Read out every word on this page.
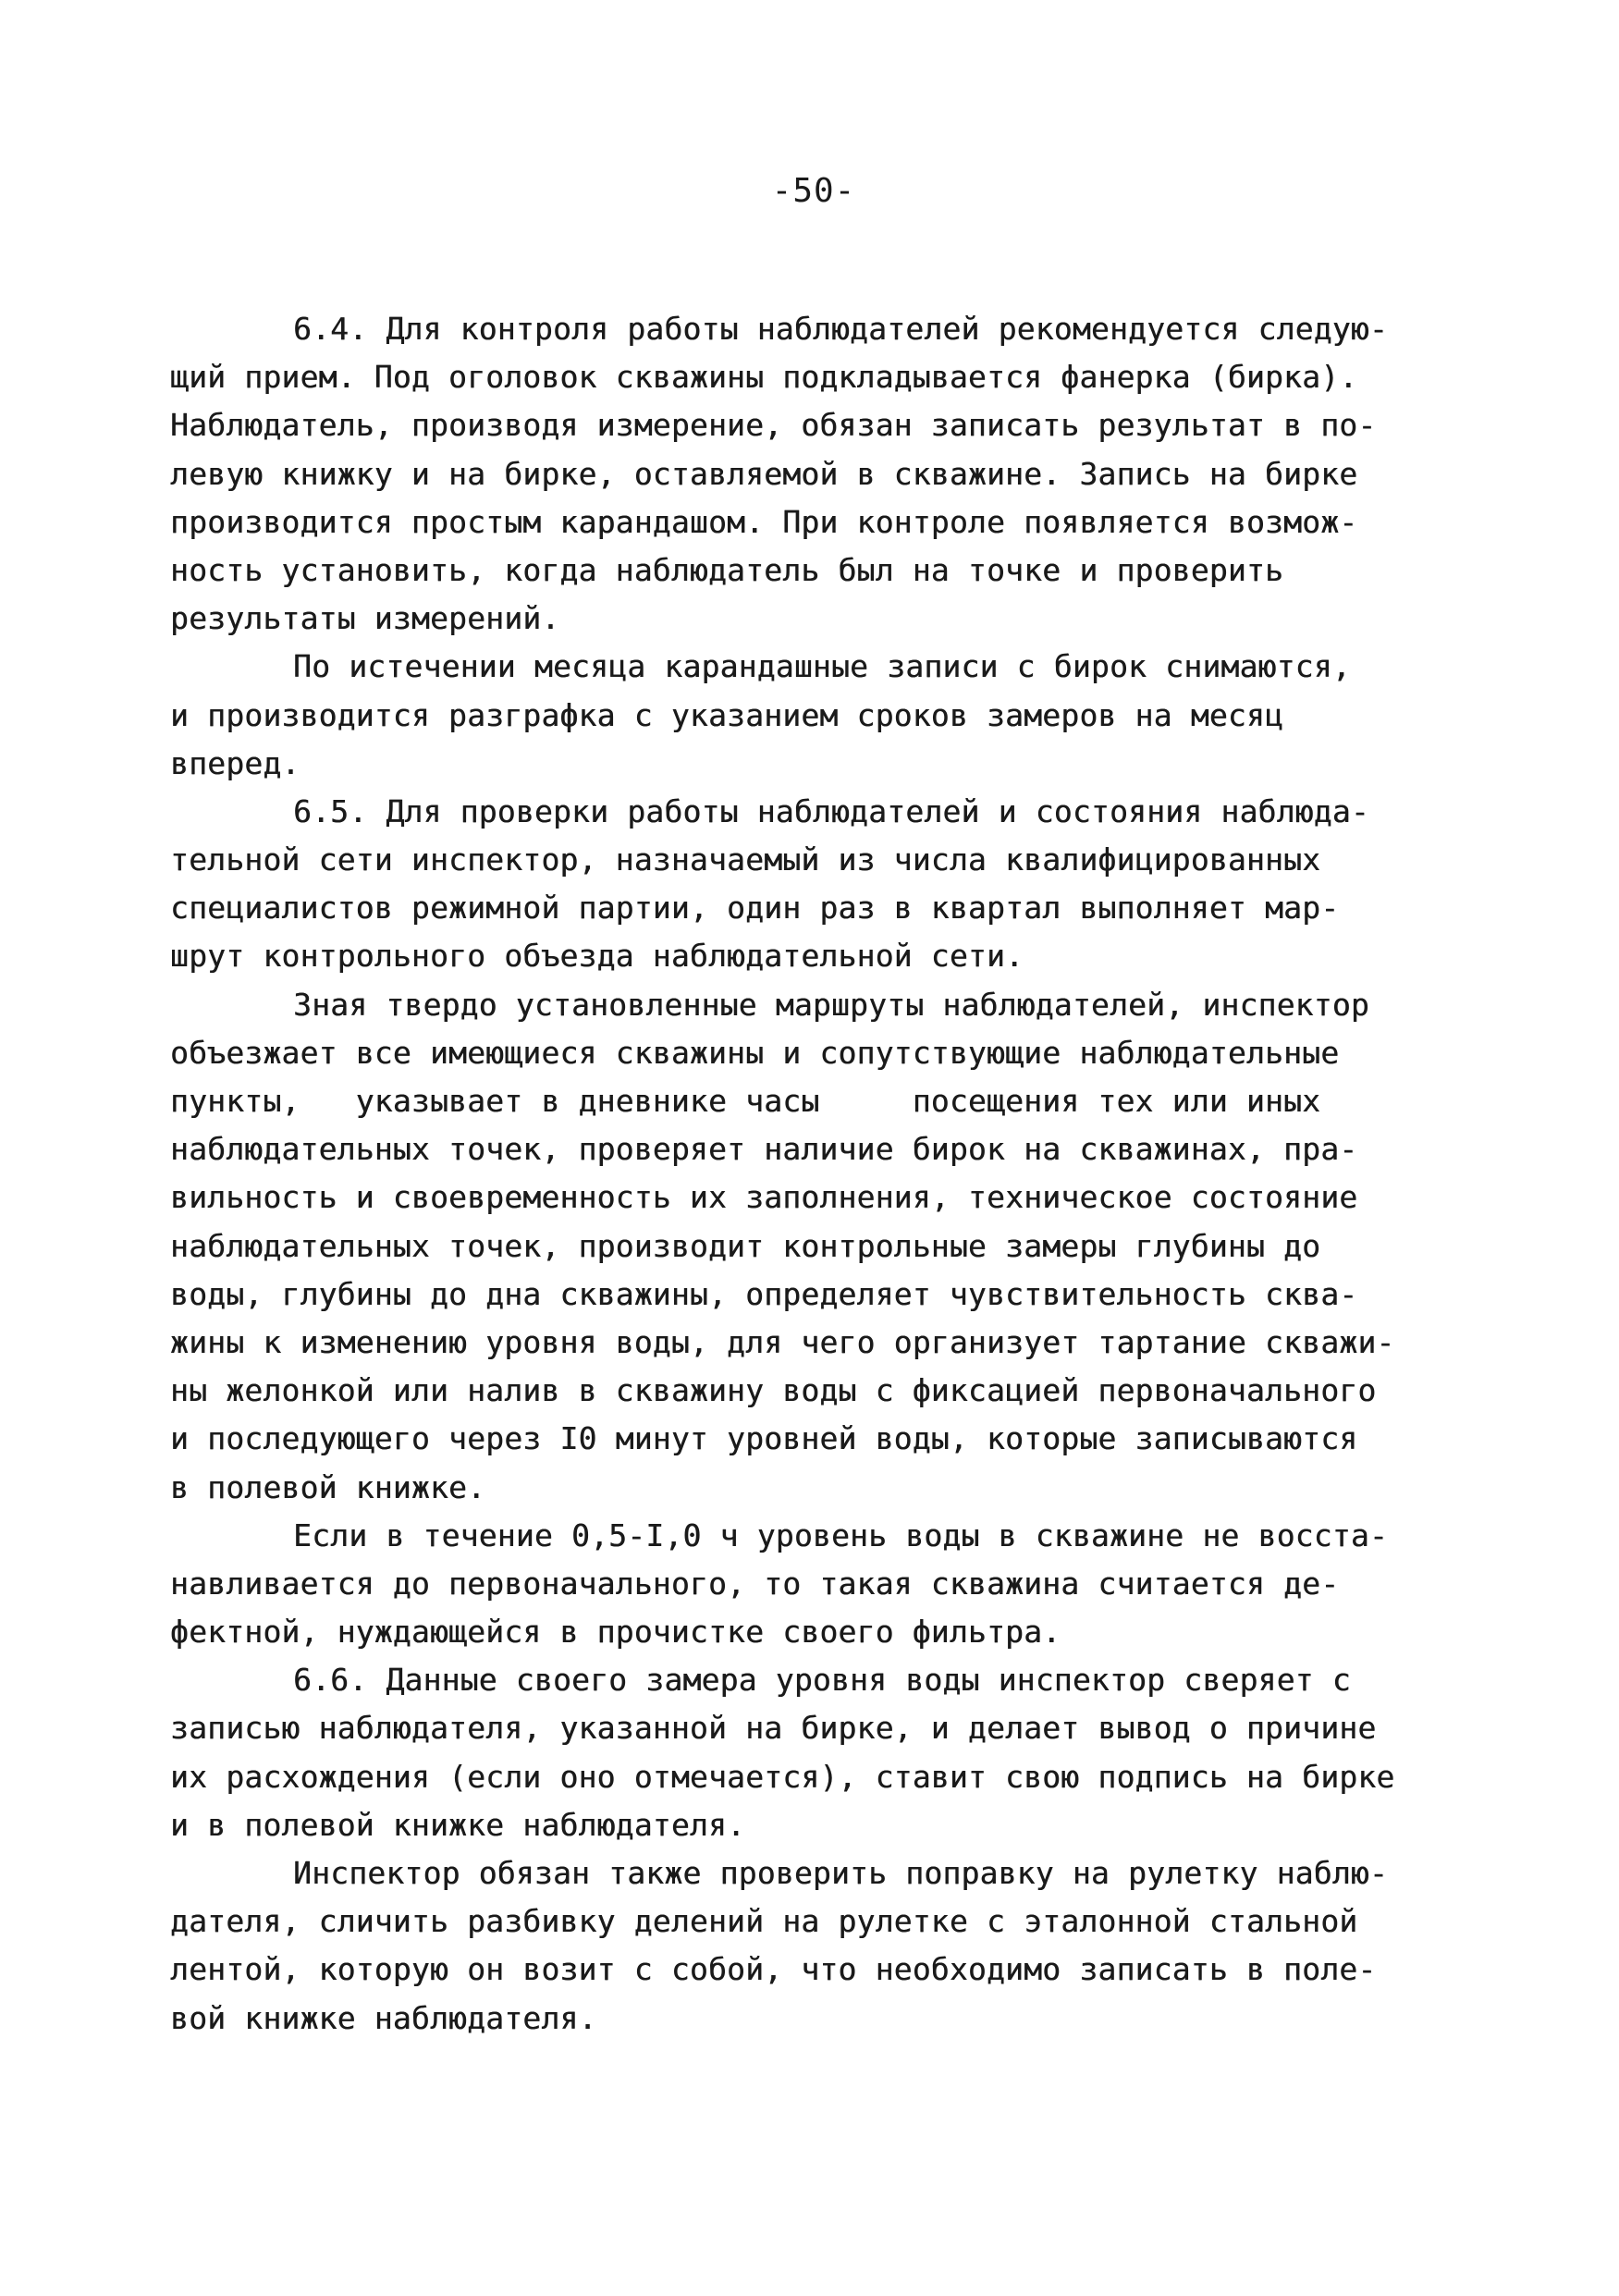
-50-
6.4. Для контроля работы наблюдателей рекомендуется следую-
щий прием. Под оголовок скважины подкладывается фанерка (бирка).
Наблюдатель, производя измерение, обязан записать результат в по-
левую книжку и на бирке, оставляемой в скважине. Запись на бирке
производится простым карандашом. При контроле появляется возмож-
ность установить, когда наблюдатель был на точке и проверить
результаты измерений.
По истечении месяца карандашные записи с бирок снимаются,
и производится разграфка с указанием сроков замеров на месяц
вперед.
6.5. Для проверки работы наблюдателей и состояния наблюда-
тельной сети инспектор, назначаемый из числа квалифицированных
специалистов режимной партии, один раз в квартал выполняет мар-
шрут контрольного объезда наблюдательной сети.
Зная твердо установленные маршруты наблюдателей, инспектор
объезжает все имеющиеся скважины и сопутствующие наблюдательные
пункты,   указывает в дневнике часы     посещения тех или иных
наблюдательных точек, проверяет наличие бирок на скважинах, пра-
вильность и своевременность их заполнения, техническое состояние
наблюдательных точек, производит контрольные замеры глубины до
воды, глубины до дна скважины, определяет чувствительность сква-
жины к изменению уровня воды, для чего организует тартание скважи-
ны желонкой или налив в скважину воды с фиксацией первоначального
и последующего через I0 минут уровней воды, которые записываются
в полевой книжке.
Если в течение 0,5-I,0 ч уровень воды в скважине не восста-
навливается до первоначального, то такая скважина считается де-
фектной, нуждающейся в прочистке своего фильтра.
6.6. Данные своего замера уровня воды инспектор сверяет с
записью наблюдателя, указанной на бирке, и делает вывод о причине
их расхождения (если оно отмечается), ставит свою подпись на бирке
и в полевой книжке наблюдателя.
Инспектор обязан также проверить поправку на рулетку наблю-
дателя, сличить разбивку делений на рулетке с эталонной стальной
лентой, которую он возит с собой, что необходимо записать в поле-
вой книжке наблюдателя.
